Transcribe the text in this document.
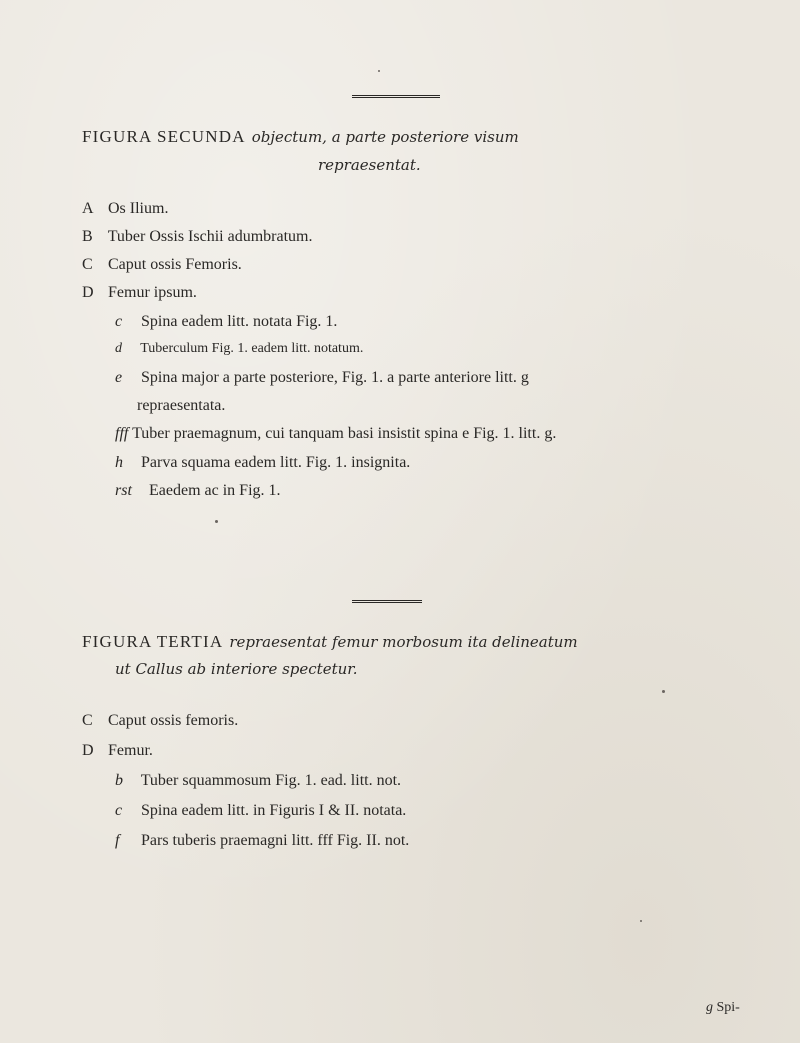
FIGURA SECUNDA objectum, a parte posteriore visum
repraesentat.
A Os Ilium.
B Tuber Ossis Ischii adumbratum.
C Caput ossis Femoris.
D Femur ipsum.
c Spina eadem litt. notata Fig. 1.
d Tuberculum Fig. 1. eadem litt. notatum.
e Spina major a parte posteriore, Fig. 1. a parte anteriore litt. g
repraesentata.
fff Tuber praemagnum, cui tanquam basi insistit spina e Fig. 1. litt. g.
h Parva squama eadem litt. Fig. 1. insignita.
rst Eaedem ac in Fig. 1.
FIGURA TERTIA repraesentat femur morbosum ita delineatum
ut Callus ab interiore spectetur.
C Caput ossis femoris.
D Femur.
b Tuber squammosum Fig. 1. ead. litt. not.
c Spina eadem litt. in Figuris I & II. notata.
f Pars tuberis praemagni litt. fff Fig. II. not.
g Spi-
